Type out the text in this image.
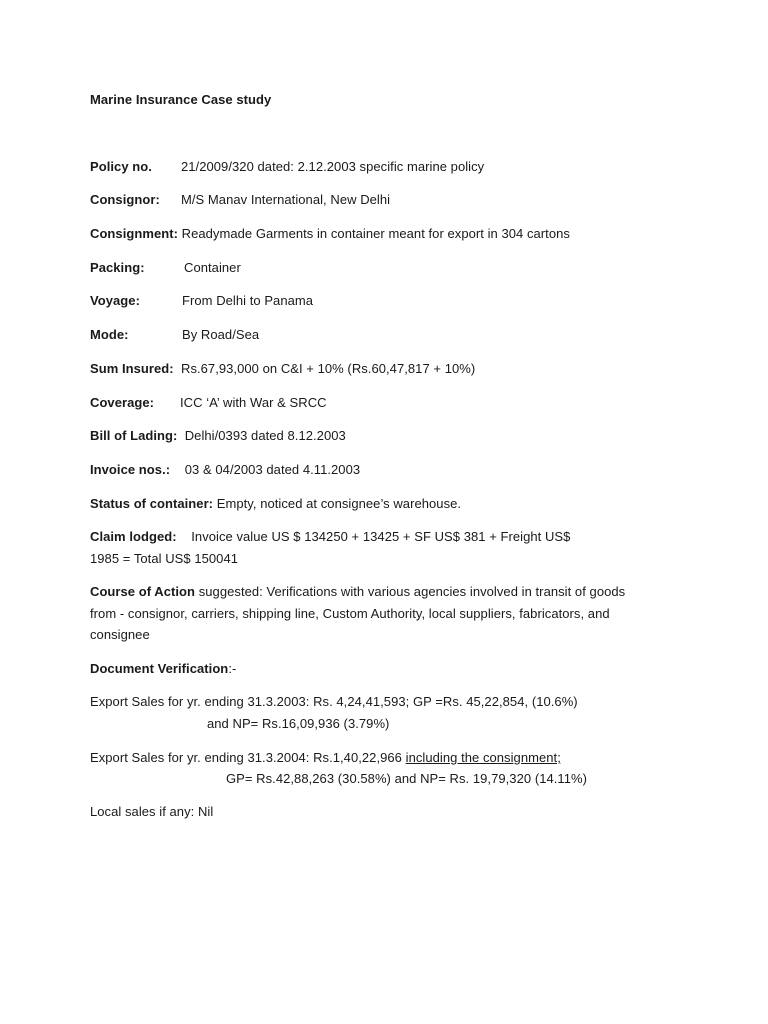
Marine Insurance Case study
Policy no. 21/2009/320 dated: 2.12.2003 specific marine policy
Consignor: M/S Manav International, New Delhi
Consignment: Readymade Garments in container meant for export in 304 cartons
Packing:	Container
Voyage:	From Delhi to Panama
Mode:	By Road/Sea
Sum Insured: Rs.67,93,000 on C&I + 10% (Rs.60,47,817 + 10%)
Coverage: ICC ‘A’ with War & SRCC
Bill of Lading: Delhi/0393 dated 8.12.2003
Invoice nos.: 03 & 04/2003 dated 4.11.2003
Status of container: Empty, noticed at consignee’s warehouse.
Claim lodged: Invoice value US $ 134250 + 13425 + SF US$ 381 + Freight US$
1985 = Total US$ 150041
Course of Action suggested: Verifications with various agencies involved in transit of goods
from - consignor, carriers, shipping line, Custom Authority, local suppliers, fabricators, and
consignee
Document Verification:-
Export Sales for yr. ending 31.3.2003: Rs. 4,24,41,593; GP =Rs. 45,22,854, (10.6%)
and NP= Rs.16,09,936 (3.79%)
Export Sales for yr. ending 31.3.2004: Rs.1,40,22,966 including the consignment;
GP= Rs.42,88,263 (30.58%) and NP= Rs. 19,79,320 (14.11%)
Local sales if any: Nil
